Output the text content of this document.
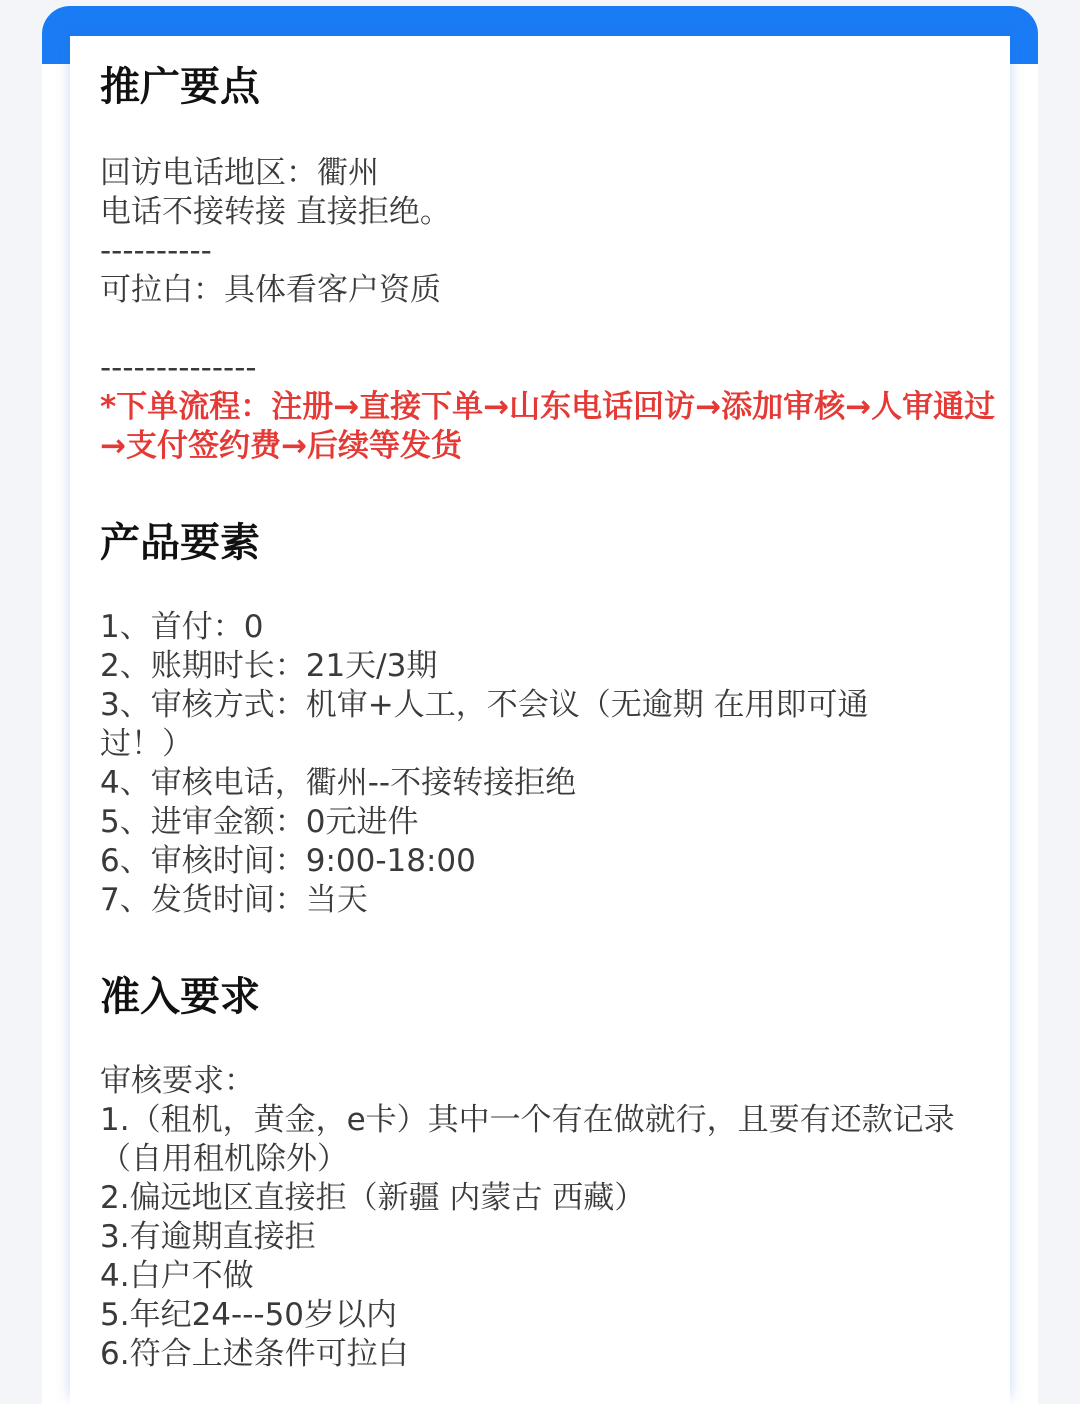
推广要点
回访电话地区：衢州
电话不接转接 直接拒绝。
----------
可拉白：具体看客户资质
--------------
*下单流程：注册→直接下单→山东电话回访→添加审核→人审通过→支付签约费→后续等发货
产品要素
1、首付：0
2、账期时长：21天/3期
3、审核方式：机审+人工，不会议（无逾期 在用即可通过！）
4、审核电话，衢州--不接转接拒绝
5、进审金额：0元进件
6、审核时间：9:00-18:00
7、发货时间：当天
准入要求
审核要求：
1.（租机，黄金，e卡）其中一个有在做就行，且要有还款记录（自用租机除外）
2.偏远地区直接拒（新疆 内蒙古 西藏）
3.有逾期直接拒
4.白户不做
5.年纪24---50岁以内
6.符合上述条件可拉白
